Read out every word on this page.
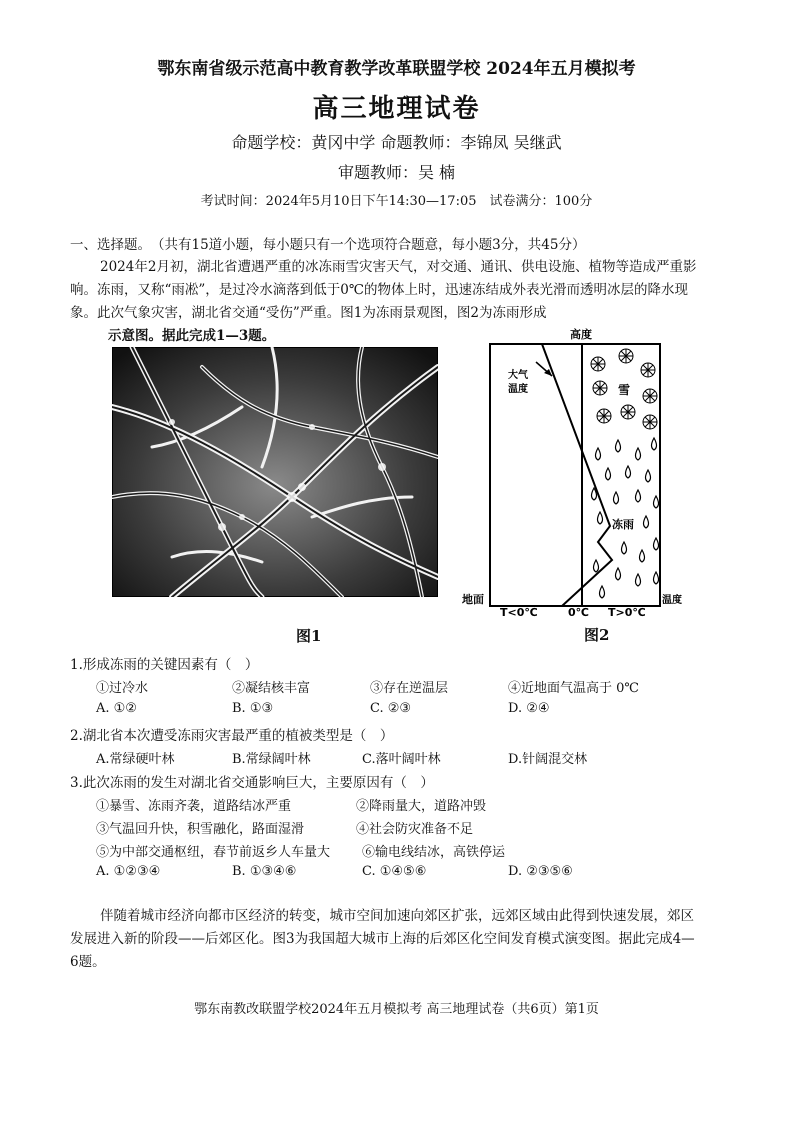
鄂东南省级示范高中教育教学改革联盟学校 2024年五月模拟考
高三地理试卷
命题学校：黄冈中学 命题教师：李锦凤 吴继武
审题教师：吴 楠
考试时间：2024年5月10日下午14:30—17:05　试卷满分：100分
一、选择题。　（共有15道小题，每小题只有一个选项符合题意，每小题3分，共45分）
2024年2月初，湖北省遭遇严重的冰冻雨雪灾害天气，对交通、通讯、供电设施、植物等造成严重影
响。冻雨，又称“雨凇”，是过冷水滴落到低于0℃的物体上时，迅速冻结成外表光滑而透明冰层的降水现
象。此次气象灾害，湖北省交通“受伤”严重。图1为冻雨景观图，图2为冻雨形成
示意图。据此完成1—3题。
图1
高度
大气
温度	雪
冻雨
地面
T<0℃	0℃ T>0℃
温度
图2
1.形成冻雨的关键因素有（　）
①过冷水	②凝结核丰富	③存在逆温层	④近地面气温高于 0℃
A. ①②	B. ①③	C. ②③	D. ②④
2.湖北省本次遭受冻雨灾害最严重的植被类型是（　）
A.常绿硬叶林	B.常绿阔叶林	C.落叶阔叶林	D.针阔混交林
3.此次冻雨的发生对湖北省交通影响巨大，主要原因有（　）
①暴雪、冻雨齐袭，道路结冰严重	②降雨量大，道路冲毁
③气温回升快，积雪融化，路面湿滑	④社会防灾准备不足
⑤为中部交通枢纽，春节前返乡人车量大 ⑥输电线结冰，高铁停运
A. ①②③④	B. ①③④⑥	C. ①④⑤⑥	D. ②③⑤⑥
伴随着城市经济向都市区经济的转变，城市空间加速向郊区扩张，远郊区域由此得到快速发展，郊区
发展进入新的阶段——后郊区化。图3为我国超大城市上海的后郊区化空间发育模式演变图。据此完成4—
6题。
鄂东南教改联盟学校2024年五月模拟考 高三地理试卷（共6页）第1页
